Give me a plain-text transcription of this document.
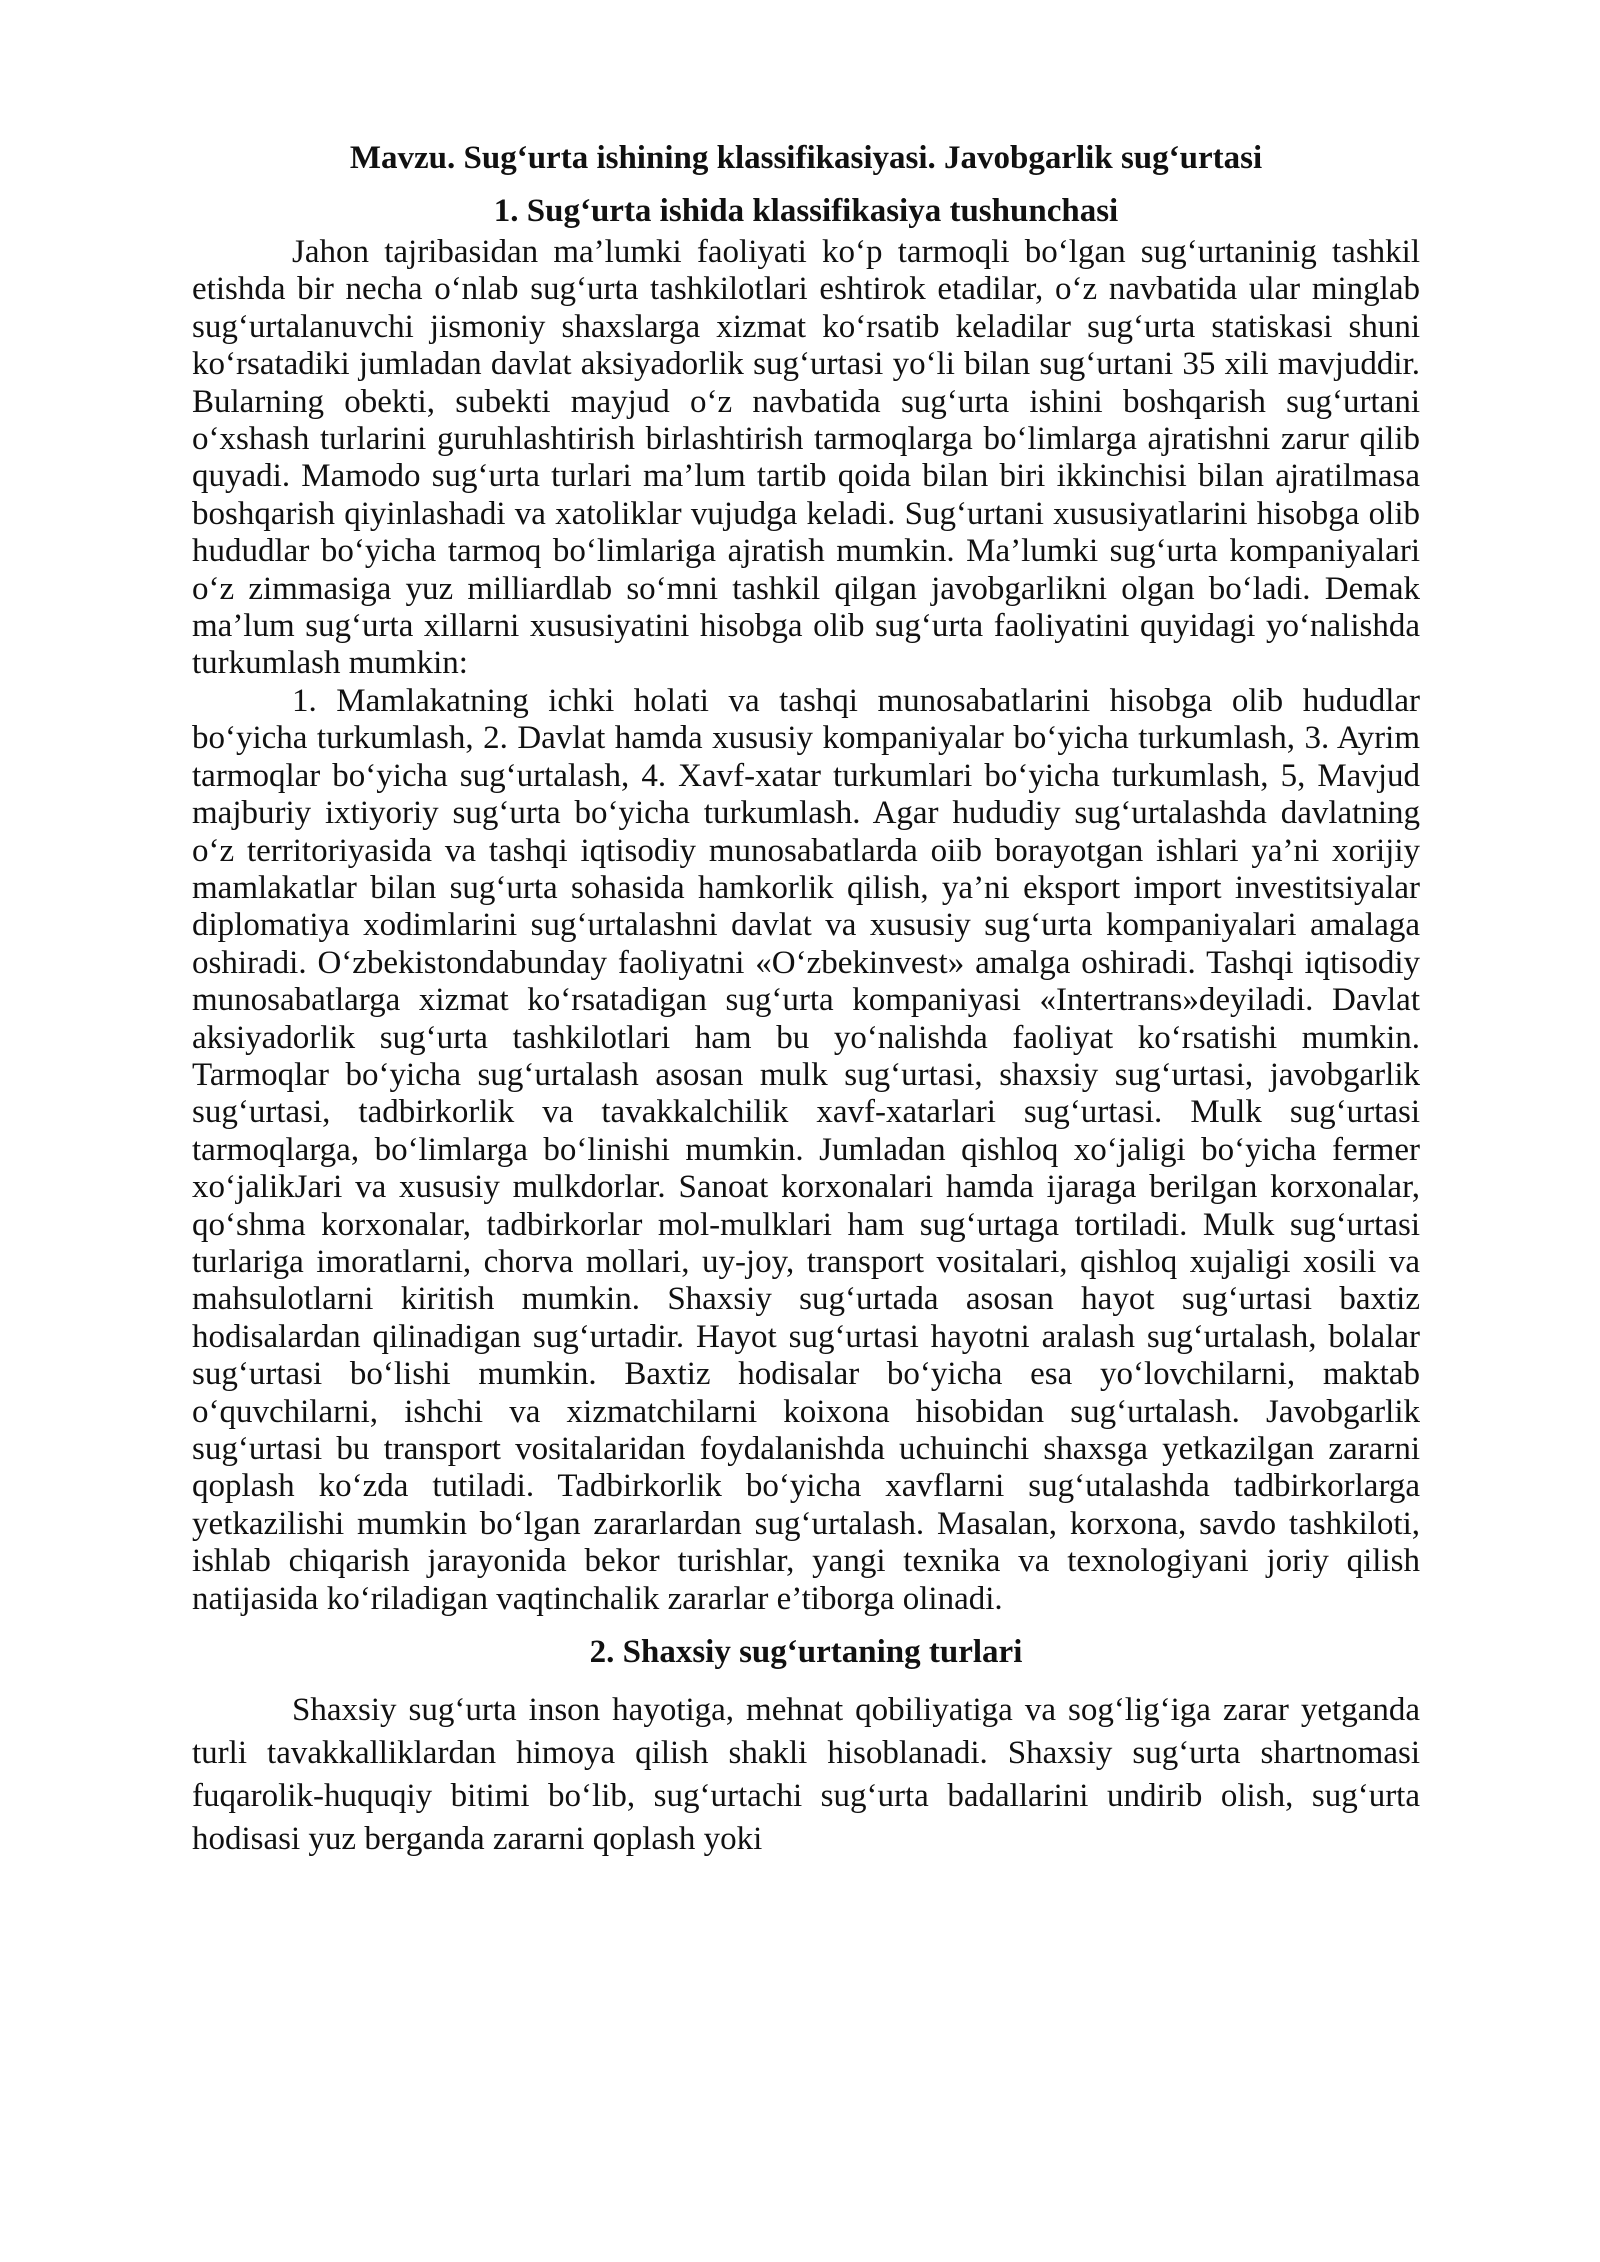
Mavzu. Sug‘urta ishining klassifikasiyasi. Javobgarlik sug‘urtasi
1. Sug‘urta ishida klassifikasiya tushunchasi

Jahon tajribasidan ma’lumki faoliyati ko‘p tarmoqli bo‘lgan sug‘urtaninig tashkil etishda bir necha o‘nlab sug‘urta tashkilotlari eshtirok etadilar, o‘z navbatida ular minglab sug‘urtalanuvchi jismoniy shaxslarga xizmat ko‘rsatib keladilar sug‘urta statiskasi shuni ko‘rsatadiki jumladan davlat aksiyadorlik sug‘urtasi yo‘li bilan sug‘urtani 35 xili mavjuddir. Bularning obekti, subekti mayjud o‘z navbatida sug‘urta ishini boshqarish sug‘urtani o‘xshash turlarini guruhlashtirish birlashtirish tarmoqlarga bo‘limlarga ajratishni zarur qilib quyadi. Mamodo sug‘urta turlari ma’lum tartib qoida bilan biri ikkinchisi bilan ajratilmasa boshqarish qiyinlashadi va xatoliklar vujudga keladi. Sug‘urtani xususiyatlarini hisobga olib hududlar bo‘yicha tarmoq bo‘limlariga ajratish mumkin. Ma’lumki sug‘urta kompaniyalari o‘z zimmasiga yuz milliardlab so‘mni tashkil qilgan javobgarlikni olgan bo‘ladi. Demak ma’lum sug‘urta xillarni xususiyatini hisobga olib sug‘urta faoliyatini quyidagi yo‘nalishda turkumlash mumkin:

1. Mamlakatning ichki holati va tashqi munosabatlarini hisobga olib hududlar bo‘yicha turkumlash, 2. Davlat hamda xususiy kompaniyalar bo‘yicha turkumlash, 3. Ayrim tarmoqlar bo‘yicha sug‘urtalash, 4. Xavf-xatar turkumlari bo‘yicha turkumlash, 5, Mavjud majburiy ixtiyoriy sug‘urta bo‘yicha turkumlash. Agar hududiy sug‘urtalashda davlatning o‘z territoriyasida va tashqi iqtisodiy munosabatlarda oiib borayotgan ishlari ya’ni xorijiy mamlakatlar bilan sug‘urta sohasida hamkorlik qilish, ya’ni eksport import investitsiyalar diplomatiya xodimlarini sug‘urtalashni davlat va xususiy sug‘urta kompaniyalari amalaga oshiradi. O‘zbekistondabunday faoliyatni «O‘zbekinvest» amalga oshiradi. Tashqi iqtisodiy munosabatlarga xizmat ko‘rsatadigan sug‘urta kompaniyasi «Intertrans»deyiladi. Davlat aksiyadorlik sug‘urta tashkilotlari ham bu yo‘nalishda faoliyat ko‘rsatishi mumkin. Tarmoqlar bo‘yicha sug‘urtalash asosan mulk sug‘urtasi, shaxsiy sug‘urtasi, javobgarlik sug‘urtasi, tadbirkorlik va tavakkalchilik xavf-xatarlari sug‘urtasi. Mulk sug‘urtasi tarmoqlarga, bo‘limlarga bo‘linishi mumkin. Jumladan qishloq xo‘jaligi bo‘yicha fermer xo‘jalikJari va xususiy mulkdorlar. Sanoat korxonalari hamda ijaraga berilgan korxonalar, qo‘shma korxonalar, tadbirkorlar mol-mulklari ham sug‘urtaga tortiladi. Mulk sug‘urtasi turlariga imoratlarni, chorva mollari, uy-joy, transport vositalari, qishloq xujaligi xosili va mahsulotlarni kiritish mumkin. Shaxsiy sug‘urtada asosan hayot sug‘urtasi baxtiz hodisalardan qilinadigan sug‘urtadir. Hayot sug‘urtasi hayotni aralash sug‘urtalash, bolalar sug‘urtasi bo‘lishi mumkin. Baxtiz hodisalar bo‘yicha esa yo‘lovchilarni, maktab o‘quvchilarni, ishchi va xizmatchilarni koixona hisobidan sug‘urtalash. Javobgarlik sug‘urtasi bu transport vositalaridan foydalanishda uchuinchi shaxsga yetkazilgan zararni qoplash ko‘zda tutiladi. Tadbirkorlik bo‘yicha xavflarni sug‘utalashda tadbirkorlarga yetkazilishi mumkin bo‘lgan zararlardan sug‘urtalash. Masalan, korxona, savdo tashkiloti, ishlab chiqarish jarayonida bekor turishlar, yangi texnika va texnologiyani joriy qilish natijasida ko‘riladigan vaqtinchalik zararlar e’tiborga olinadi.

2. Shaxsiy sug‘urtaning turlari

Shaxsiy sug‘urta inson hayotiga, mehnat qobiliyatiga va sog‘lig‘iga zarar yetganda turli tavakkalliklardan himoya qilish shakli hisoblanadi. Shaxsiy sug‘urta shartnomasi fuqarolik-huquqiy bitimi bo‘lib, sug‘urtachi sug‘urta badallarini undirib olish, sug‘urta hodisasi yuz berganda zararni qoplash yoki
